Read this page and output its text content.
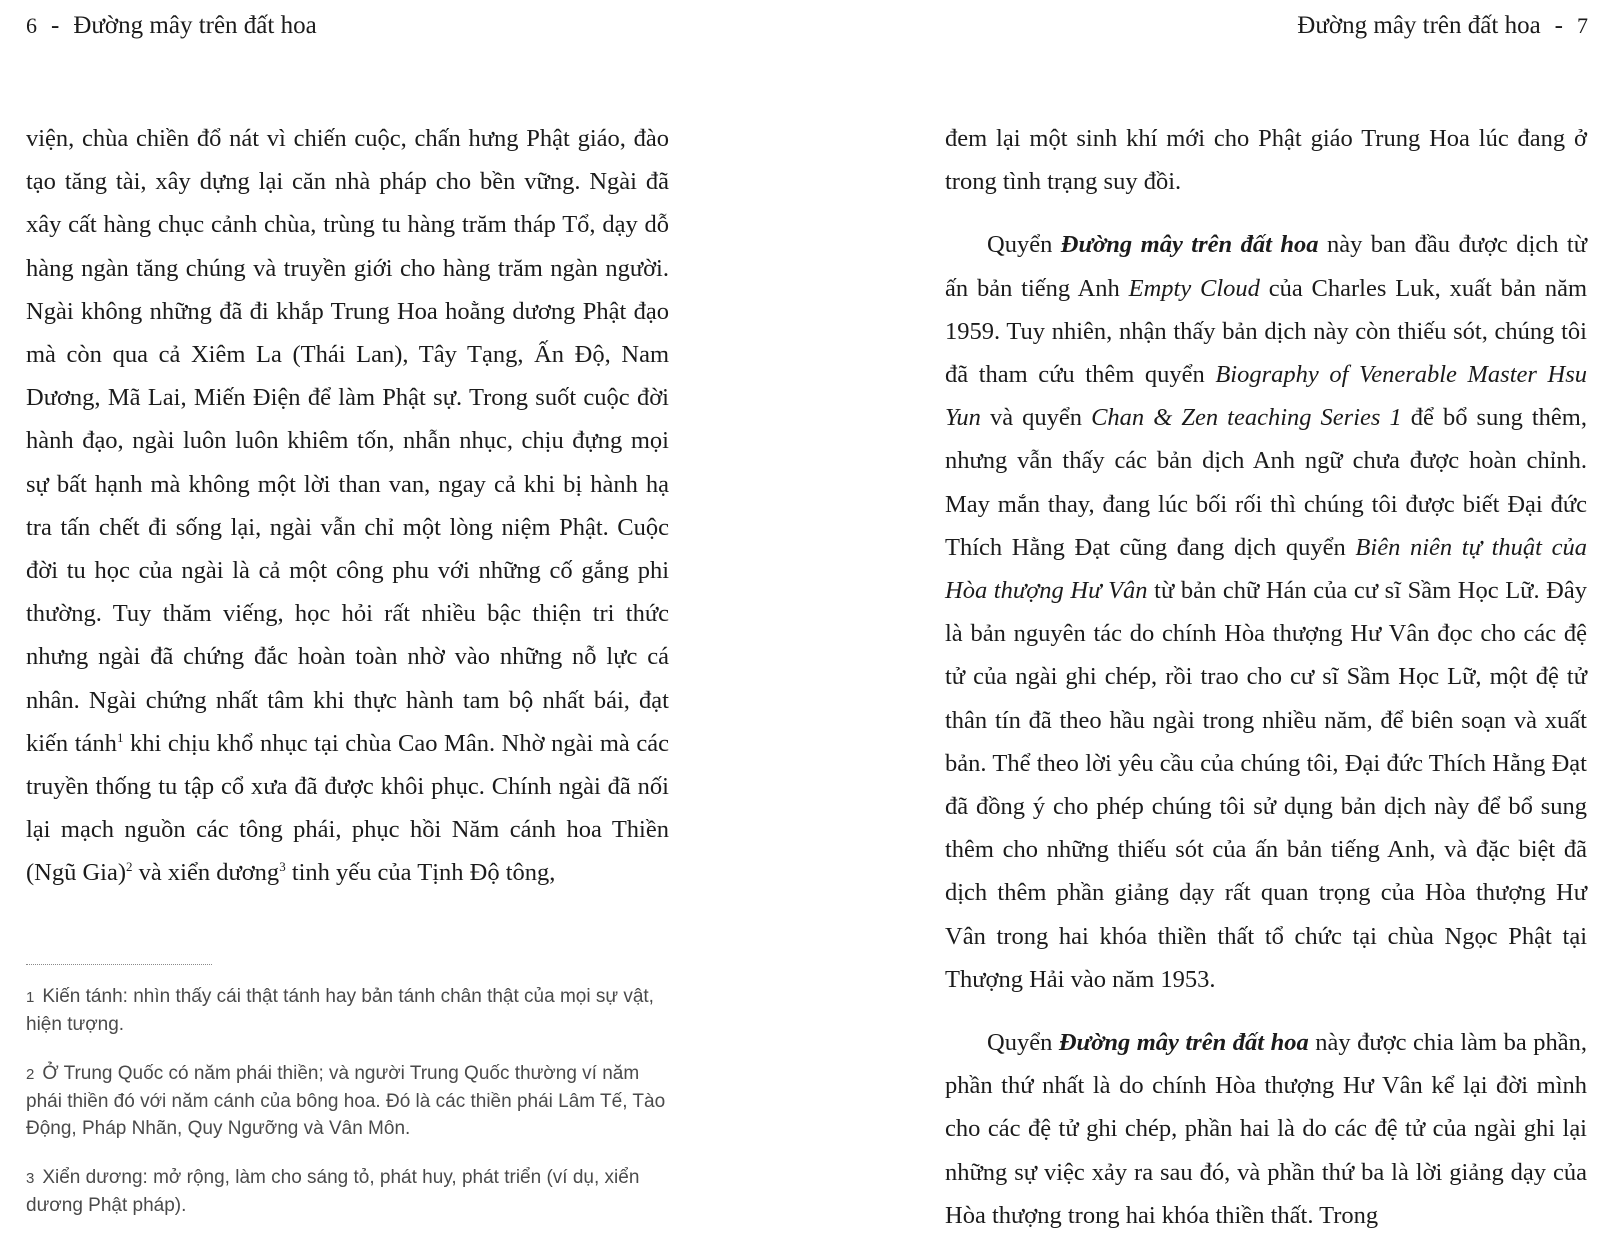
6 - Đường mây trên đất hoa

viện, chùa chiền đổ nát vì chiến cuộc, chấn hưng Phật giáo, đào tạo tăng tài, xây dựng lại căn nhà pháp cho bền vững. Ngài đã xây cất hàng chục cảnh chùa, trùng tu hàng trăm tháp Tổ, dạy dỗ hàng ngàn tăng chúng và truyền giới cho hàng trăm ngàn người. Ngài không những đã đi khắp Trung Hoa hoằng dương Phật đạo mà còn qua cả Xiêm La (Thái Lan), Tây Tạng, Ấn Độ, Nam Dương, Mã Lai, Miến Điện để làm Phật sự. Trong suốt cuộc đời hành đạo, ngài luôn luôn khiêm tốn, nhẫn nhục, chịu đựng mọi sự bất hạnh mà không một lời than van, ngay cả khi bị hành hạ tra tấn chết đi sống lại, ngài vẫn chỉ một lòng niệm Phật. Cuộc đời tu học của ngài là cả một công phu với những cố gắng phi thường. Tuy thăm viếng, học hỏi rất nhiều bậc thiện tri thức nhưng ngài đã chứng đắc hoàn toàn nhờ vào những nỗ lực cá nhân. Ngài chứng nhất tâm khi thực hành tam bộ nhất bái, đạt kiến tánh$^1$ khi chịu khổ nhục tại chùa Cao Mân. Nhờ ngài mà các truyền thống tu tập cổ xưa đã được khôi phục. Chính ngài đã nối lại mạch nguồn các tông phái, phục hồi Năm cánh hoa Thiền (Ngũ Gia)$^2$ và xiển dương$^3$ tinh yếu của Tịnh Độ tông,

1 Kiến tánh: nhìn thấy cái thật tánh hay bản tánh chân thật của mọi sự vật, hiện tượng.

2 Ở Trung Quốc có năm phái thiền; và người Trung Quốc thường ví năm phái thiền đó với năm cánh của bông hoa. Đó là các thiền phái Lâm Tế, Tào Động, Pháp Nhãn, Quy Ngưỡng và Vân Môn.

3 Xiển dương: mở rộng, làm cho sáng tỏ, phát huy, phát triển (ví dụ, xiển dương Phật pháp).

Đường mây trên đất hoa - 7

đem lại một sinh khí mới cho Phật giáo Trung Hoa lúc đang ở trong tình trạng suy đồi.

Quyển Đường mây trên đất hoa này ban đầu được dịch từ ấn bản tiếng Anh Empty Cloud của Charles Luk, xuất bản năm 1959. Tuy nhiên, nhận thấy bản dịch này còn thiếu sót, chúng tôi đã tham cứu thêm quyển Biography of Venerable Master Hsu Yun và quyển Chan & Zen teaching Series 1 để bổ sung thêm, nhưng vẫn thấy các bản dịch Anh ngữ chưa được hoàn chỉnh. May mắn thay, đang lúc bối rối thì chúng tôi được biết Đại đức Thích Hằng Đạt cũng đang dịch quyển Biên niên tự thuật của Hòa thượng Hư Vân từ bản chữ Hán của cư sĩ Sầm Học Lữ. Đây là bản nguyên tác do chính Hòa thượng Hư Vân đọc cho các đệ tử của ngài ghi chép, rồi trao cho cư sĩ Sầm Học Lữ, một đệ tử thân tín đã theo hầu ngài trong nhiều năm, để biên soạn và xuất bản. Thể theo lời yêu cầu của chúng tôi, Đại đức Thích Hằng Đạt đã đồng ý cho phép chúng tôi sử dụng bản dịch này để bổ sung thêm cho những thiếu sót của ấn bản tiếng Anh, và đặc biệt đã dịch thêm phần giảng dạy rất quan trọng của Hòa thượng Hư Vân trong hai khóa thiền thất tổ chức tại chùa Ngọc Phật tại Thượng Hải vào năm 1953.

Quyển Đường mây trên đất hoa này được chia làm ba phần, phần thứ nhất là do chính Hòa thượng Hư Vân kể lại đời mình cho các đệ tử ghi chép, phần hai là do các đệ tử của ngài ghi lại những sự việc xảy ra sau đó, và phần thứ ba là lời giảng dạy của Hòa thượng trong hai khóa thiền thất. Trong
